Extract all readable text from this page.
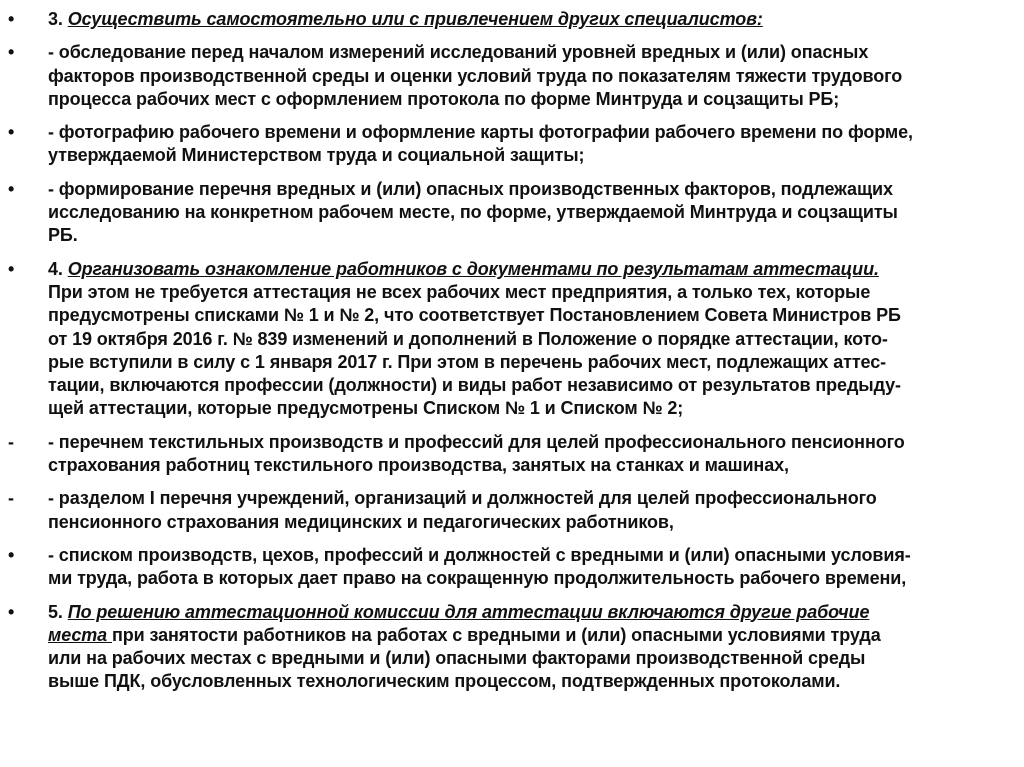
• 3. Осуществить самостоятельно или с привлечением других специалистов:
• - обследование перед началом измерений исследований уровней вредных и (или) опасных
факторов производственной среды и оценки условий труда по показателям тяжести трудового
процесса рабочих мест с оформлением протокола по форме Минтруда и соцзащиты РБ;
• - фотографию рабочего времени и оформление карты фотографии рабочего времени по форме,
утверждаемой Министерством труда и социальной защиты;
• - формирование перечня вредных и (или) опасных производственных факторов, подлежащих
исследованию на конкретном рабочем месте, по форме, утверждаемой Минтруда и соцзащиты
РБ.
• 4. Организовать ознакомление работников с документами по результатам аттестации.
При этом не требуется аттестация не всех рабочих мест предприятия, а только тех, которые
предусмотрены списками № 1 и № 2, что соответствует Постановлением Совета Министров РБ
от 19 октября 2016 г. № 839 изменений и дополнений в Положение о порядке аттестации, кото-
рые вступили в силу с 1 января 2017 г. При этом в перечень рабочих мест, подлежащих аттес-
тации, включаются профессии (должности) и виды работ независимо от результатов предыду-
щей аттестации, которые предусмотрены Списком № 1 и Списком № 2;
- - перечнем текстильных производств и профессий для целей профессионального пенсионного
страхования работниц текстильного производства, занятых на станках и машинах,
- - разделом I перечня учреждений, организаций и должностей для целей профессионального
пенсионного страхования медицинских и педагогических работников,
• - списком производств, цехов, профессий и должностей с вредными и (или) опасными условия-
ми труда, работа в которых дает право на сокращенную продолжительность рабочего времени,
• 5. По решению аттестационной комиссии для аттестации включаются другие рабочие
места при занятости работников на работах с вредными и (или) опасными условиями труда
или на рабочих местах с вредными и (или) опасными факторами производственной среды
выше ПДК, обусловленных технологическим процессом, подтвержденных протоколами.
